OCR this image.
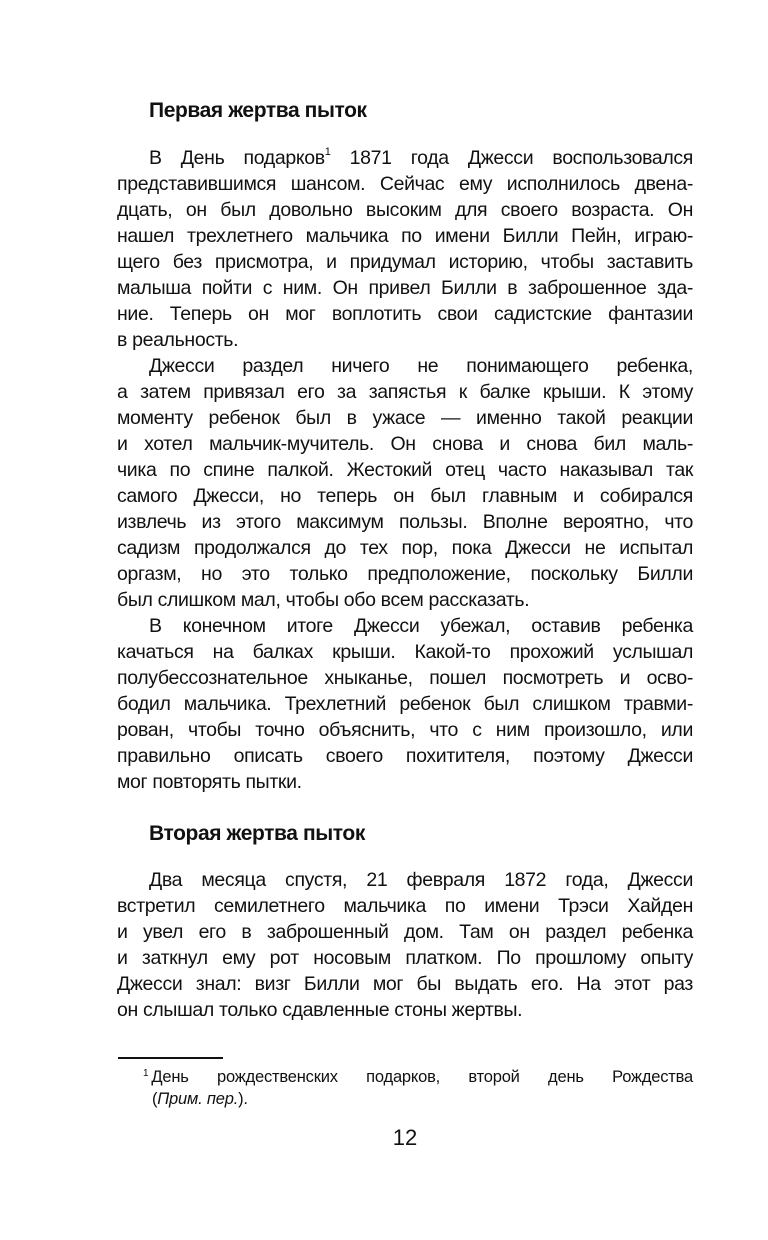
Первая жертва пыток
В День подарков$^1$ 1871 года Джесси воспользовался
представившимся шансом. Сейчас ему исполнилось двена-
дцать, он был довольно высоким для своего возраста. Он
нашел трехлетнего мальчика по имени Билли Пейн, играю-
щего без присмотра, и придумал историю, чтобы заставить
малыша пойти с ним. Он привел Билли в заброшенное зда-
ние. Теперь он мог воплотить свои садистские фантазии
в реальность.
Джесси раздел ничего не понимающего ребенка,
а затем привязал его за запястья к балке крыши. К этому
моменту ребенок был в ужасе — именно такой реакции
и хотел мальчик-мучитель. Он снова и снова бил маль-
чика по спине палкой. Жестокий отец часто наказывал так
самого Джесси, но теперь он был главным и собирался
извлечь из этого максимум пользы. Вполне вероятно, что
садизм продолжался до тех пор, пока Джесси не испытал
оргазм, но это только предположение, поскольку Билли
был слишком мал, чтобы обо всем рассказать.
В конечном итоге Джесси убежал, оставив ребенка
качаться на балках крыши. Какой-то прохожий услышал
полубессознательное хныканье, пошел посмотреть и осво-
бодил мальчика. Трехлетний ребенок был слишком травми-
рован, чтобы точно объяснить, что с ним произошло, или
правильно описать своего похитителя, поэтому Джесси
мог повторять пытки.
Вторая жертва пыток
Два месяца спустя, 21 февраля 1872 года, Джесси
встретил семилетнего мальчика по имени Трэси Хайден
и увел его в заброшенный дом. Там он раздел ребенка
и заткнул ему рот носовым платком. По прошлому опыту
Джесси знал: визг Билли мог бы выдать его. На этот раз
он слышал только сдавленные стоны жертвы.
$^1$ День рождественских подарков, второй день Рождества
(Прим. пер.).
12
